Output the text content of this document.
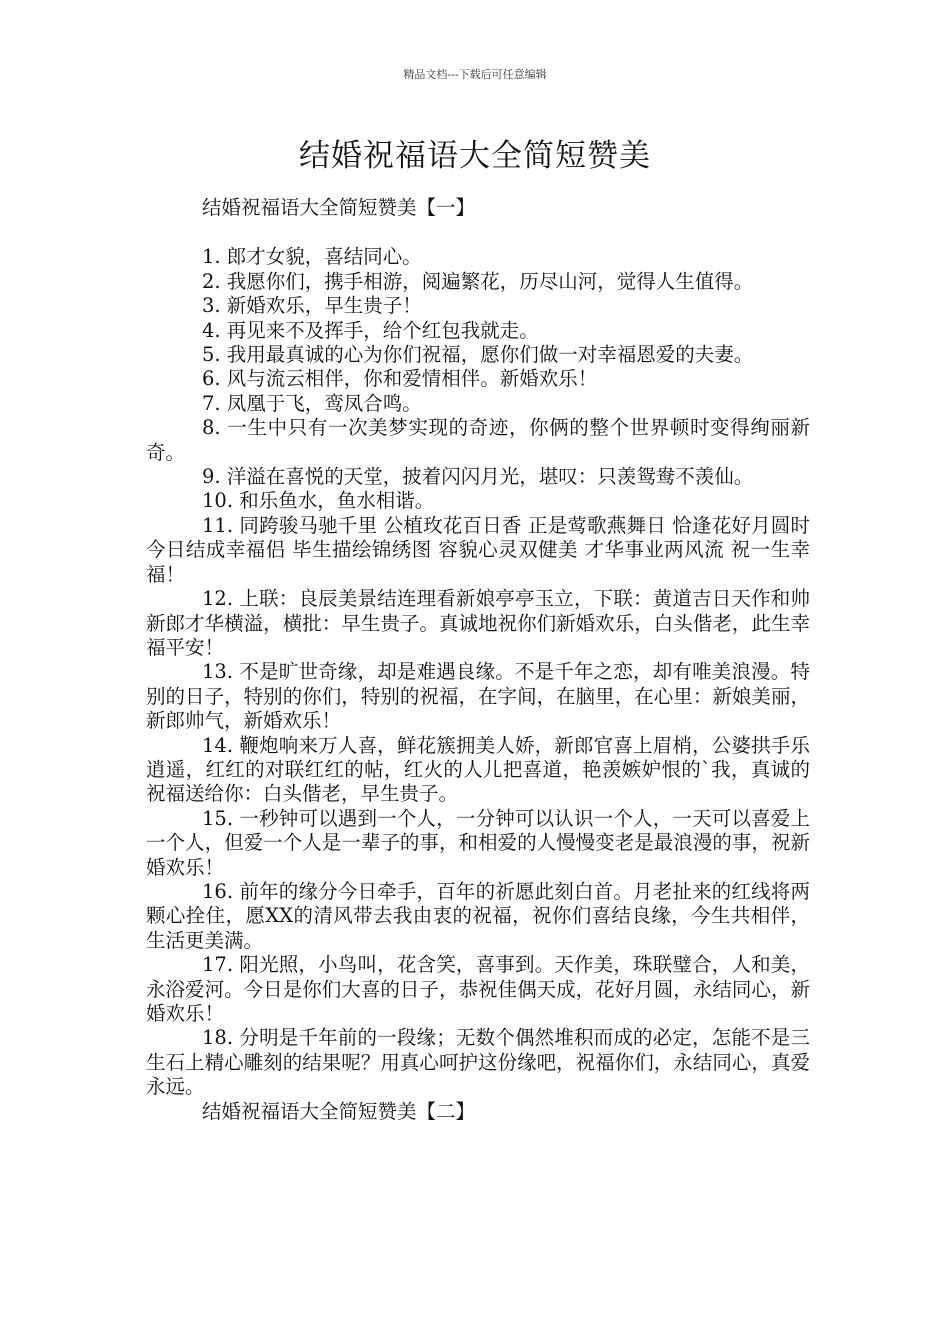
精品文档---下载后可任意编辑
结婚祝福语大全简短赞美

结婚祝福语大全简短赞美【一】

1. 郎才女貌，喜结同心。

2. 我愿你们，携手相游，阅遍繁花，历尽山河，觉得人生值得。

3. 新婚欢乐，早生贵子！

4. 再见来不及挥手，给个红包我就走。

5. 我用最真诚的心为你们祝福，愿你们做一对幸福恩爱的夫妻。

6. 风与流云相伴，你和爱情相伴。新婚欢乐！

7. 凤凰于飞，鸾凤合鸣。

8. 一生中只有一次美梦实现的奇迹，你俩的整个世界顿时变得绚丽新奇。

9. 洋溢在喜悦的天堂，披着闪闪月光，堪叹：只羡鸳鸯不羡仙。

10. 和乐鱼水，鱼水相谐。

11. 同跨骏马驰千里 公植玫花百日香 正是莺歌燕舞日 恰逢花好月圆时 今日结成幸福侣 毕生描绘锦绣图 容貌心灵双健美 才华事业两风流 祝一生幸福！

12. 上联：良辰美景结连理看新娘亭亭玉立，下联：黄道吉日天作和帅新郎才华横溢，横批：早生贵子。真诚地祝你们新婚欢乐，白头偕老，此生幸福平安！

13. 不是旷世奇缘，却是难遇良缘。不是千年之恋，却有唯美浪漫。特别的日子，特别的你们，特别的祝福，在字间，在脑里，在心里：新娘美丽，新郎帅气，新婚欢乐！

14. 鞭炮响来万人喜，鲜花簇拥美人娇，新郎官喜上眉梢，公婆拱手乐逍遥，红红的对联红红的帖，红火的人儿把喜道，艳羡嫉妒恨的`我，真诚的祝福送给你：白头偕老，早生贵子。

15. 一秒钟可以遇到一个人，一分钟可以认识一个人，一天可以喜爱上一个人，但爱一个人是一辈子的事，和相爱的人慢慢变老是最浪漫的事，祝新婚欢乐！

16. 前年的缘分今日牵手，百年的祈愿此刻白首。月老扯来的红线将两颗心拴住，愿XX的清风带去我由衷的祝福，祝你们喜结良缘，今生共相伴，生活更美满。

17. 阳光照，小鸟叫，花含笑，喜事到。天作美，珠联璧合，人和美，永浴爱河。今日是你们大喜的日子，恭祝佳偶天成，花好月圆，永结同心，新婚欢乐！

18. 分明是千年前的一段缘；无数个偶然堆积而成的必定，怎能不是三生石上精心雕刻的结果呢？用真心呵护这份缘吧，祝福你们，永结同心，真爱永远。

结婚祝福语大全简短赞美【二】
